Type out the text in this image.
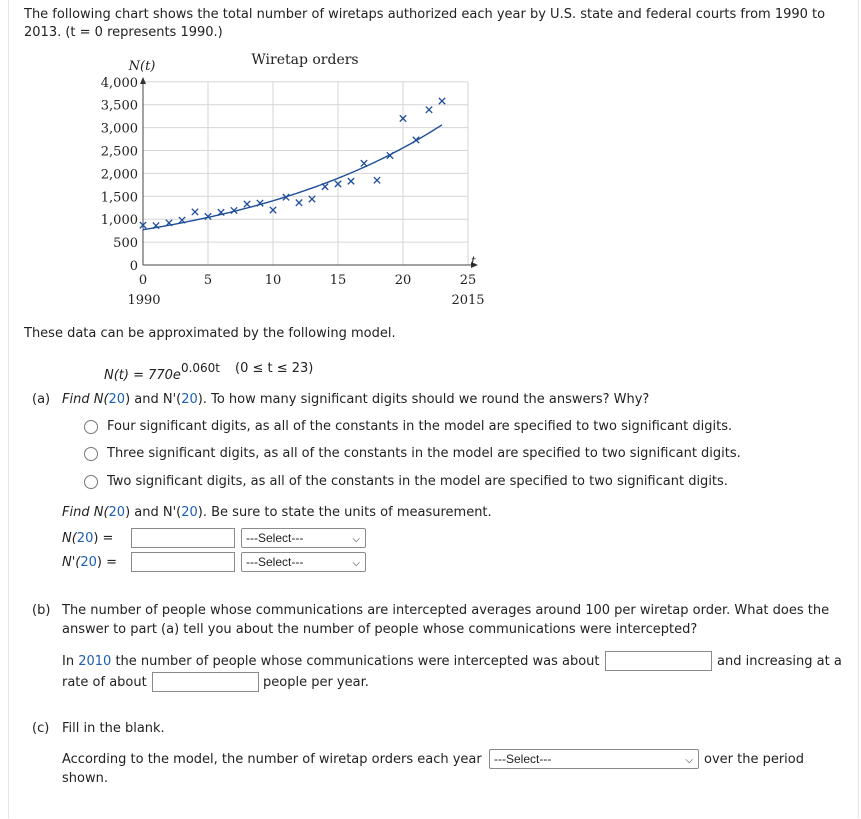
The following chart shows the total number of wiretaps authorized each year by U.S. state and federal courts from 1990 to
2013. (t = 0 represents 1990.)
0
500
1,000
1,500
2,000
2,500
3,000
3,500
4,000
0	5	10	15	20	25
Wiretap orders
N(t)
t
1990	2015
These data can be approximated by the following model.
$N(t) = 770e^{0.060t}$ (0 ≤ t ≤ 23)
(a) Find N(20) and N'(20). To how many significant digits should we round the answers? Why?
Four significant digits, as all of the constants in the model are specified to two significant digits.
Three significant digits, as all of the constants in the model are specified to two significant digits.
Two significant digits, as all of the constants in the model are specified to two significant digits.
Find N(20) and N'(20). Be sure to state the units of measurement.
N(20) =	---Select---	⌵
N'(20) =	---Select---	⌵
(b) The number of people whose communications are intercepted averages around 100 per wiretap order. What does the
answer to part (a) tell you about the number of people whose communications were intercepted?
In 2010 the number of people whose communications were intercepted was about	and increasing at a
rate of about	people per year.
(c) Fill in the blank.
According to the model, the number of wiretap orders each year	---Select---	⌵ over the period
shown.
